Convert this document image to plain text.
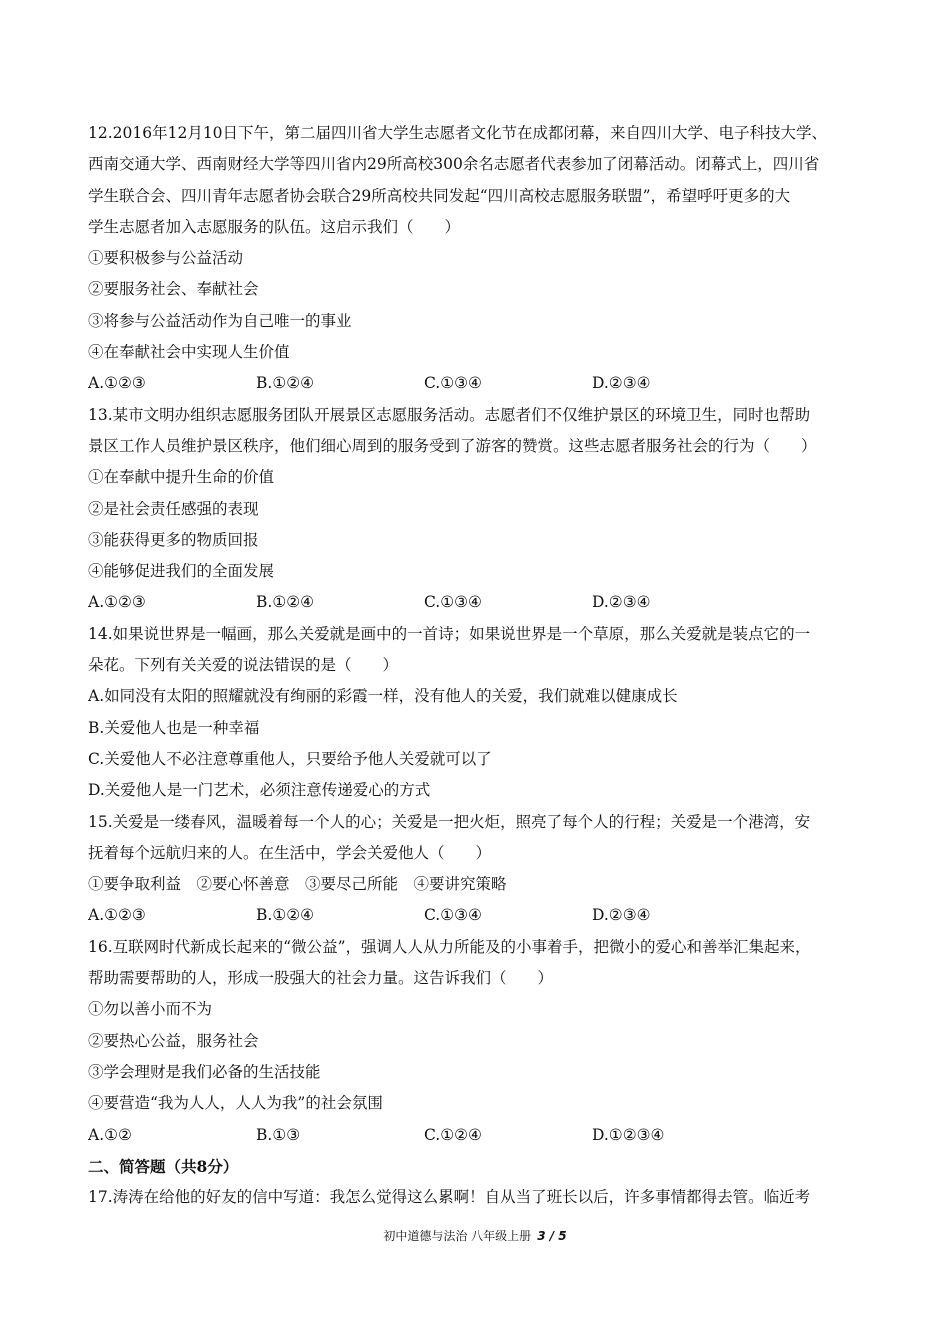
12.2016年12月10日下午，第二届四川省大学生志愿者文化节在成都闭幕，来自四川大学、电子科技大学、
西南交通大学、西南财经大学等四川省内29所高校300余名志愿者代表参加了闭幕活动。闭幕式上，四川省
学生联合会、四川青年志愿者协会联合29所高校共同发起“四川高校志愿服务联盟”，希望呼吁更多的大
学生志愿者加入志愿服务的队伍。这启示我们（　　）
①要积极参与公益活动
②要服务社会、奉献社会
③将参与公益活动作为自己唯一的事业
④在奉献社会中实现人生价值
A.①②③	B.①②④	C.①③④	D.②③④
13.某市文明办组织志愿服务团队开展景区志愿服务活动。志愿者们不仅维护景区的环境卫生，同时也帮助
景区工作人员维护景区秩序，他们细心周到的服务受到了游客的赞赏。这些志愿者服务社会的行为（　　）
①在奉献中提升生命的价值
②是社会责任感强的表现
③能获得更多的物质回报
④能够促进我们的全面发展
A.①②③	B.①②④	C.①③④	D.②③④
14.如果说世界是一幅画，那么关爱就是画中的一首诗；如果说世界是一个草原，那么关爱就是装点它的一
朵花。下列有关关爱的说法错误的是（　　）
A.如同没有太阳的照耀就没有绚丽的彩霞一样，没有他人的关爱，我们就难以健康成长
B.关爱他人也是一种幸福
C.关爱他人不必注意尊重他人，只要给予他人关爱就可以了
D.关爱他人是一门艺术，必须注意传递爱心的方式
15.关爱是一缕春风，温暖着每一个人的心；关爱是一把火炬，照亮了每个人的行程；关爱是一个港湾，安
抚着每个远航归来的人。在生活中，学会关爱他人（　　）
①要争取利益　②要心怀善意　③要尽己所能　④要讲究策略
A.①②③	B.①②④	C.①③④	D.②③④
16.互联网时代新成长起来的“微公益”，强调人人从力所能及的小事着手，把微小的爱心和善举汇集起来，
帮助需要帮助的人，形成一股强大的社会力量。这告诉我们（　　）
①勿以善小而不为
②要热心公益，服务社会
③学会理财是我们必备的生活技能
④要营造“我为人人，人人为我”的社会氛围
A.①②	B.①③	C.①②④	D.①②③④
二、简答题（共8分）
17.涛涛在给他的好友的信中写道：我怎么觉得这么累啊！自从当了班长以后，许多事情都得去管。临近考
初中道德与法治 八年级上册 3 / 5
